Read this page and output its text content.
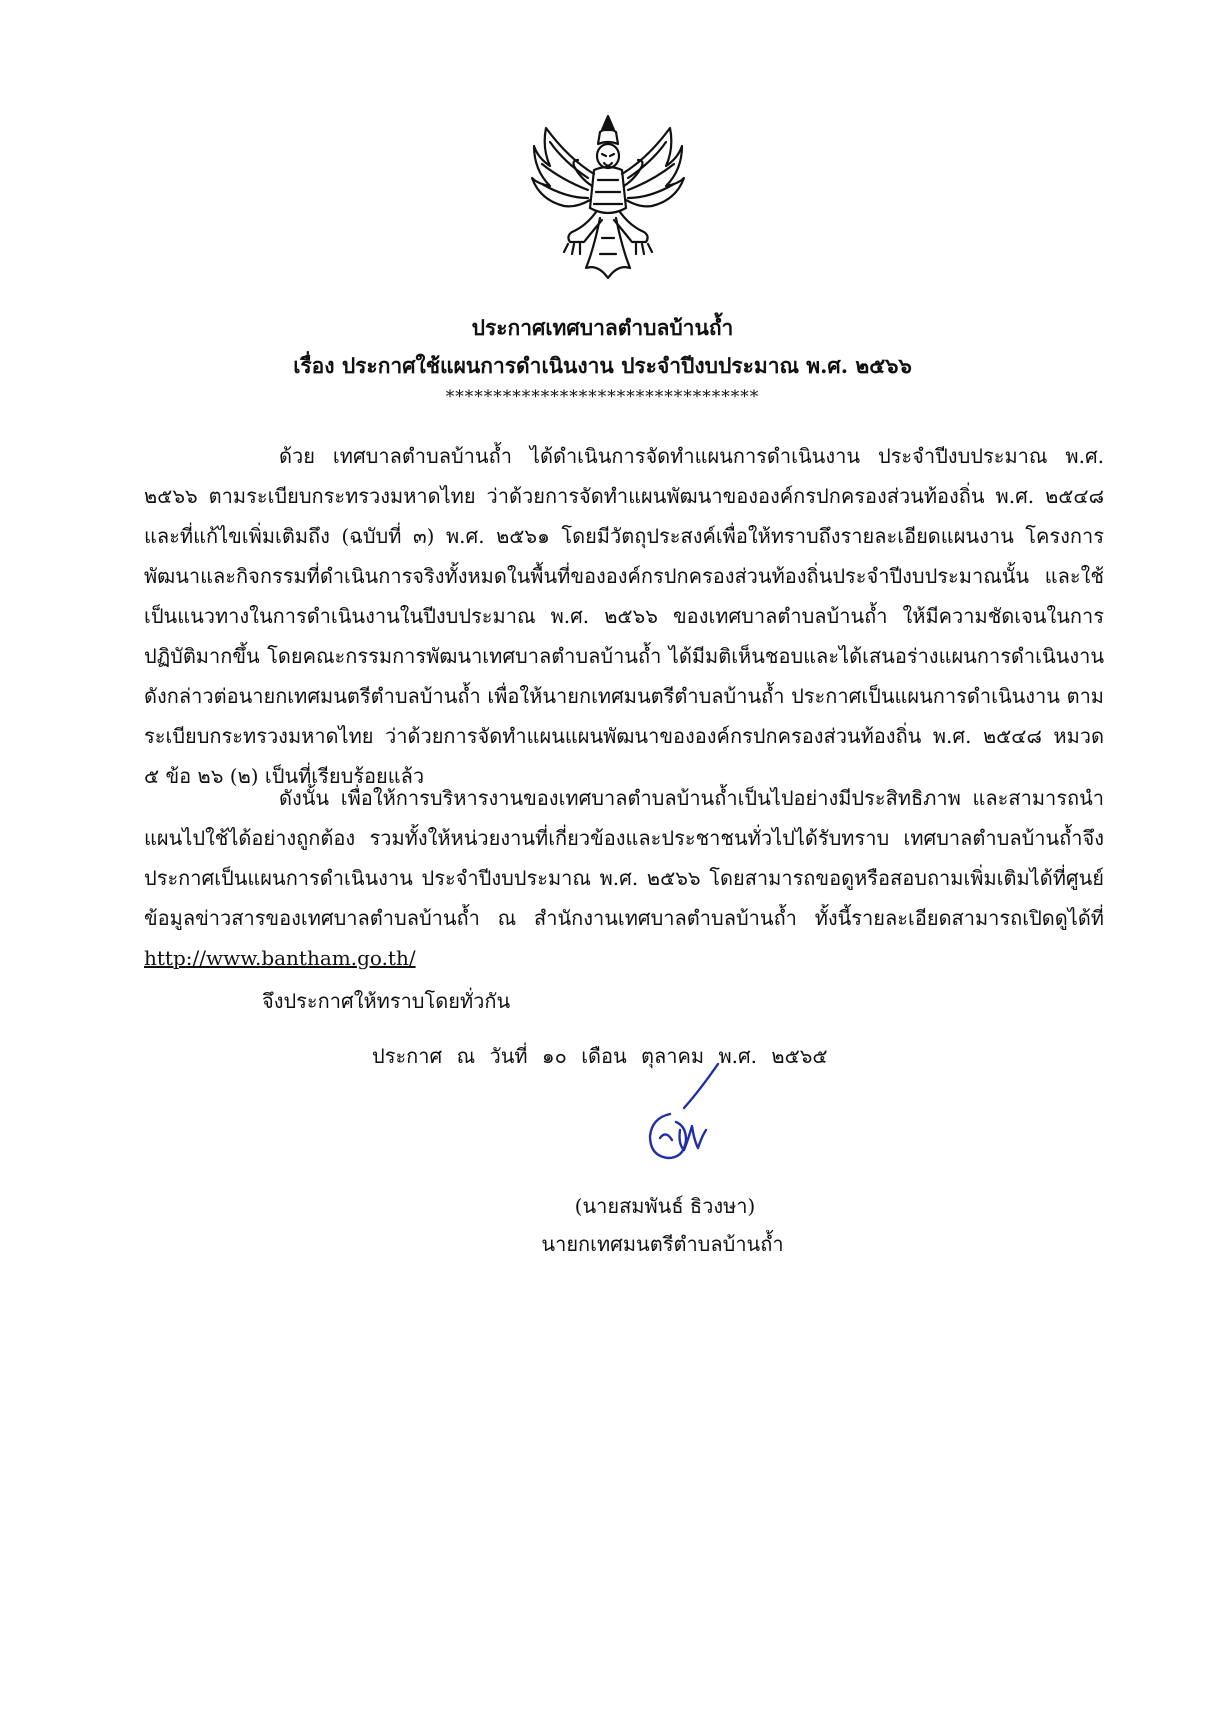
ประกาศเทศบาลตำบลบ้านถ้ำ
เรื่อง ประกาศใช้แผนการดำเนินงาน ประจำปีงบประมาณ พ.ศ. ๒๕๖๖
*********************************
ด้วย เทศบาลตำบลบ้านถ้ำ ได้ดำเนินการจัดทำแผนการดำเนินงาน ประจำปีงบประมาณ พ.ศ. ๒๕๖๖ ตามระเบียบกระทรวงมหาดไทย ว่าด้วยการจัดทำแผนพัฒนาขององค์กรปกครองส่วนท้องถิ่น พ.ศ. ๒๕๔๘ และที่แก้ไขเพิ่มเติมถึง (ฉบับที่ ๓) พ.ศ. ๒๕๖๑ โดยมีวัตถุประสงค์เพื่อให้ทราบถึงรายละเอียดแผนงาน โครงการพัฒนาและกิจกรรมที่ดำเนินการจริงทั้งหมดในพื้นที่ขององค์กรปกครองส่วนท้องถิ่นประจำปีงบประมาณนั้น และใช้เป็นแนวทางในการดำเนินงานในปีงบประมาณ พ.ศ. ๒๕๖๖ ของเทศบาลตำบลบ้านถ้ำ ให้มีความชัดเจนในการปฏิบัติมากขึ้น โดยคณะกรรมการพัฒนาเทศบาลตำบลบ้านถ้ำ ได้มีมติเห็นชอบและได้เสนอร่างแผนการดำเนินงานดังกล่าวต่อนายกเทศมนตรีตำบลบ้านถ้ำ เพื่อให้นายกเทศมนตรีตำบลบ้านถ้ำ ประกาศเป็นแผนการดำเนินงาน ตามระเบียบกระทรวงมหาดไทย ว่าด้วยการจัดทำแผนแผนพัฒนาขององค์กรปกครองส่วนท้องถิ่น พ.ศ. ๒๕๔๘ หมวด ๕ ข้อ ๒๖ (๒) เป็นที่เรียบร้อยแล้ว
ดังนั้น เพื่อให้การบริหารงานของเทศบาลตำบลบ้านถ้ำเป็นไปอย่างมีประสิทธิภาพ และสามารถนำแผนไปใช้ได้อย่างถูกต้อง รวมทั้งให้หน่วยงานที่เกี่ยวข้องและประชาชนทั่วไปได้รับทราบ เทศบาลตำบลบ้านถ้ำจึงประกาศเป็นแผนการดำเนินงาน ประจำปีงบประมาณ พ.ศ. ๒๕๖๖ โดยสามารถขอดูหรือสอบถามเพิ่มเติมได้ที่ศูนย์ข้อมูลข่าวสารของเทศบาลตำบลบ้านถ้ำ ณ สำนักงานเทศบาลตำบลบ้านถ้ำ ทั้งนี้รายละเอียดสามารถเปิดดูได้ที่ http://www.bantham.go.th/
จึงประกาศให้ทราบโดยทั่วกัน
ประกาศ ณ วันที่ ๑๐ เดือน ตุลาคม พ.ศ. ๒๕๖๕
(นายสมพันธ์ ธิวงษา)
นายกเทศมนตรีตำบลบ้านถ้ำ
